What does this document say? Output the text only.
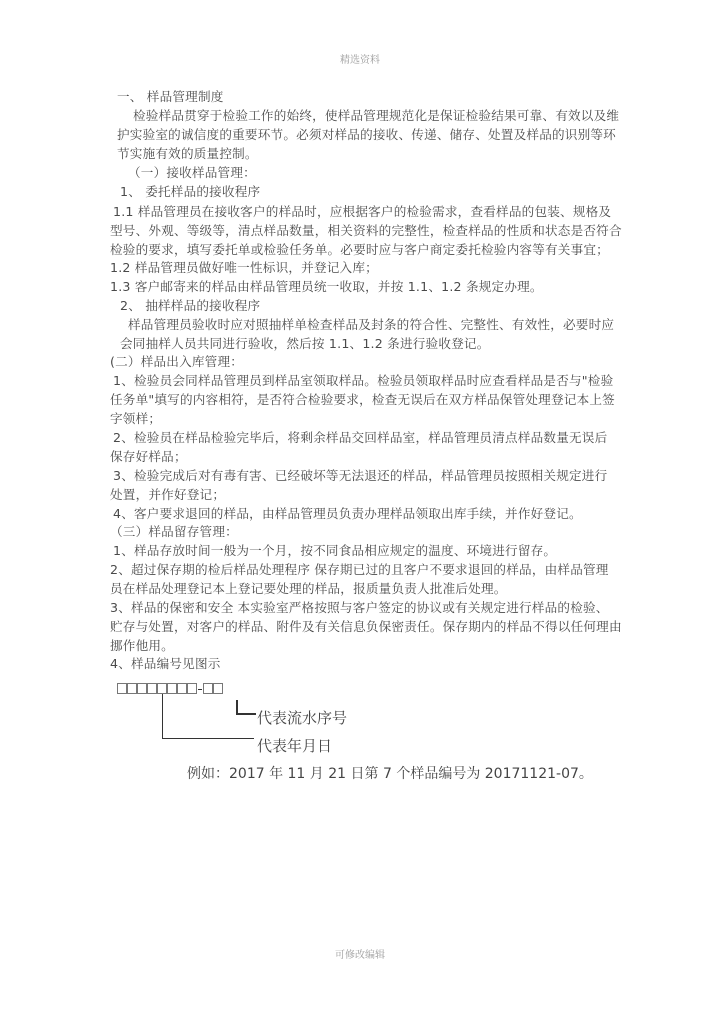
精选资料
一、 样品管理制度
检验样品贯穿于检验工作的始终，使样品管理规范化是保证检验结果可靠、有效以及维
护实验室的诚信度的重要环节。必须对样品的接收、传递、储存、处置及样品的识别等环
节实施有效的质量控制。
（一）接收样品管理：
1、 委托样品的接收程序
1.1 样品管理员在接收客户的样品时，应根据客户的检验需求，查看样品的包装、规格及
型号、外观、等级等，清点样品数量，相关资料的完整性，检查样品的性质和状态是否符合
检验的要求，填写委托单或检验任务单。必要时应与客户商定委托检验内容等有关事宜；
1.2 样品管理员做好唯一性标识，并登记入库；
1.3 客户邮寄来的样品由样品管理员统一收取，并按 1.1、1.2 条规定办理。
2、 抽样样品的接收程序
样品管理员验收时应对照抽样单检查样品及封条的符合性、完整性、有效性，必要时应
会同抽样人员共同进行验收，然后按 1.1、1.2 条进行验收登记。
(二）样品出入库管理：
1、检验员会同样品管理员到样品室领取样品。检验员领取样品时应查看样品是否与"检验
任务单"填写的内容相符，是否符合检验要求，检查无误后在双方样品保管处理登记本上签
字领样；
2、检验员在样品检验完毕后，将剩余样品交回样品室，样品管理员清点样品数量无误后
保存好样品；
3、检验完成后对有毒有害、已经破坏等无法退还的样品，样品管理员按照相关规定进行
处置，并作好登记；
4、客户要求退回的样品，由样品管理员负责办理样品领取出库手续，并作好登记。
（三）样品留存管理：
1、样品存放时间一般为一个月，按不同食品相应规定的温度、环境进行留存。
2、超过保存期的检后样品处理程序 保存期已过的且客户不要求退回的样品，由样品管理
员在样品处理登记本上登记要处理的样品，报质量负责人批准后处理。
3、样品的保密和安全 本实验室严格按照与客户签定的协议或有关规定进行样品的检验、
贮存与处置，对客户的样品、附件及有关信息负保密责任。保存期内的样品不得以任何理由
挪作他用。
4、样品编号见图示
代表流水序号
代表年月日
例如：2017 年 11 月 21 日第 7 个样品编号为 20171121-07。
可修改编辑
